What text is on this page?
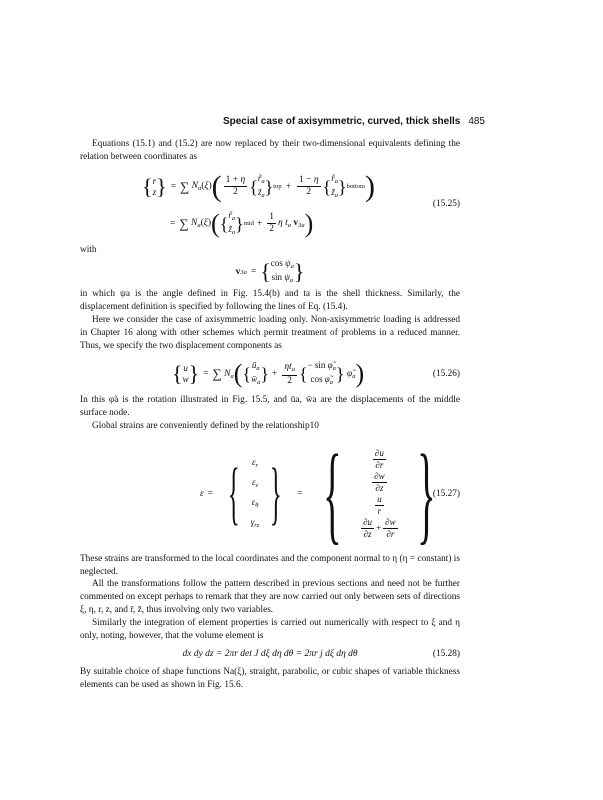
Special case of axisymmetric, curved, thick shells 485

Equations (15.1) and (15.2) are now replaced by their two-dimensional equivalents defining the relation between coordinates as

{ r
z } = ∑
$N_a(\xi)$ ( $\frac{1 + \eta}{2}$ { $r̃_a$
$z̃_a$ } top + $\frac{1 - \eta}{2}$ { $r̃_a$
$z̃_a$ } bottom )
= ∑
$N_a(\xi)$ ( { $r̃_a$
$z̃_a$ } mid + $\frac{1}{2}$ η $t_a$ $v_{3a}$ )
(15.25)

with

v 3a = { $\cos \psi_a$
$\sin \psi_a$ }

in which ψa is the angle defined in Fig. 15.4(b) and ta is the shell thickness. Similarly, the displacement definition is specified by following the lines of Eq. (15.4).

Here we consider the case of axisymmetric loading only. Non-axisymmetric loading is addressed in Chapter 16 along with other schemes which permit treatment of problems in a reduced manner. Thus, we specify the two displacement components as

{ u
w } = ∑
$N_a$ ( { $ū_a$
$w̄_a$ } + $\frac{\eta t_a}{2}$ { − $\sin \varphĩ_a$
$\cos \varphĩ_a$ } $\varphĩ_a$ )	(15.26)

In this φ̃a is the rotation illustrated in Fig. 15.5, and ūa, w̄a are the displacements of the middle surface node.

Global strains are conveniently defined by the relationship10

ε = { $\varepsilon_r$
$\varepsilon_z$
$\varepsilon_\theta$
$\gamma_{rz}$ } = {	$\frac{\partial u}{\partial r}$
$\frac{\partial w}{\partial z}$
$\frac{u}{r}$
$\frac{\partial u}{\partial z} + \frac{\partial w}{\partial r}$ }
(15.27)

These strains are transformed to the local coordinates and the component normal to η (η = constant) is neglected.

All the transformations follow the pattern described in previous sections and need not be further commented on except perhaps to remark that they are now carried out only between sets of directions ξ, η, r, z, and r̄, z̄, thus involving only two variables.

Similarly the integration of element properties is carried out numerically with respect to ξ and η only, noting, however, that the volume element is

dx dy dz = 2πr det J dξ dη dθ = 2πr j dξ dη dθ	(15.28)

By suitable choice of shape functions Na(ξ), straight, parabolic, or cubic shapes of variable thickness elements can be used as shown in Fig. 15.6.
